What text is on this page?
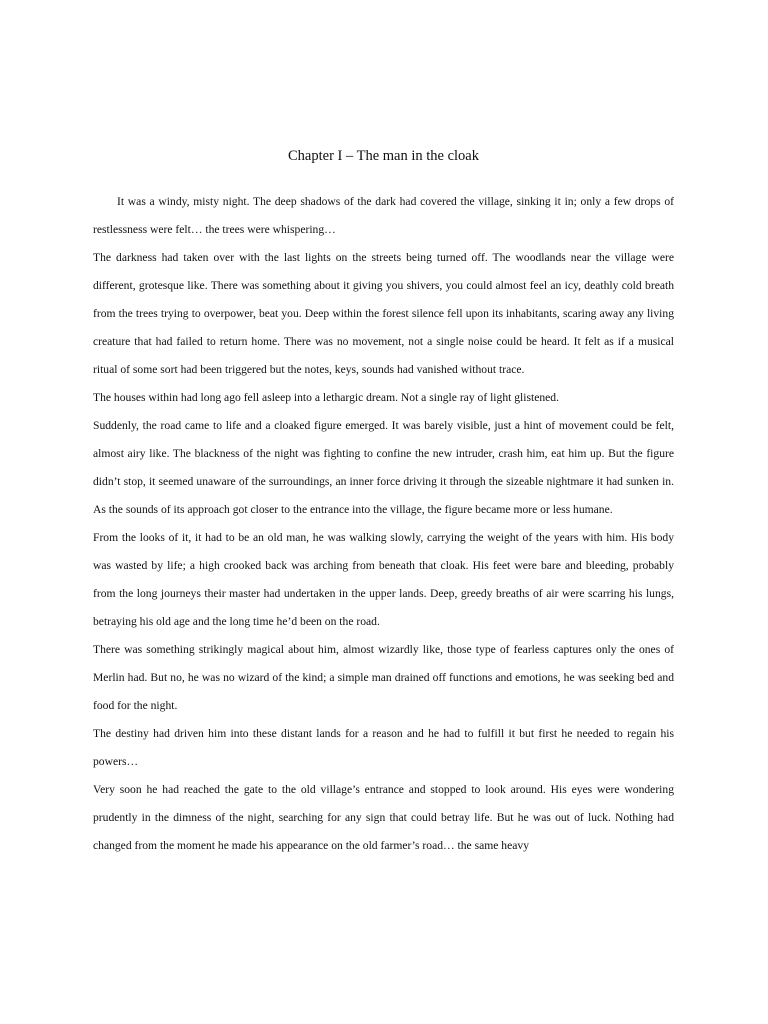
Chapter I – The man in the cloak

It was a windy, misty night. The deep shadows of the dark had covered the village, sinking it in; only a few drops of restlessness were felt… the trees were whispering…

The darkness had taken over with the last lights on the streets being turned off. The woodlands near the village were different, grotesque like. There was something about it giving you shivers, you could almost feel an icy, deathly cold breath from the trees trying to overpower, beat you. Deep within the forest silence fell upon its inhabitants, scaring away any living creature that had failed to return home. There was no movement, not a single noise could be heard. It felt as if a musical ritual of some sort had been triggered but the notes, keys, sounds had vanished without trace.

The houses within had long ago fell asleep into a lethargic dream. Not a single ray of light glistened.

Suddenly, the road came to life and a cloaked figure emerged. It was barely visible, just a hint of movement could be felt, almost airy like. The blackness of the night was fighting to confine the new intruder, crash him, eat him up. But the figure didn’t stop, it seemed unaware of the surroundings, an inner force driving it through the sizeable nightmare it had sunken in. As the sounds of its approach got closer to the entrance into the village, the figure became more or less humane.

From the looks of it, it had to be an old man, he was walking slowly, carrying the weight of the years with him. His body was wasted by life; a high crooked back was arching from beneath that cloak. His feet were bare and bleeding, probably from the long journeys their master had undertaken in the upper lands. Deep, greedy breaths of air were scarring his lungs, betraying his old age and the long time he’d been on the road.

There was something strikingly magical about him, almost wizardly like, those type of fearless captures only the ones of Merlin had. But no, he was no wizard of the kind; a simple man drained off functions and emotions, he was seeking bed and food for the night.

The destiny had driven him into these distant lands for a reason and he had to fulfill it but first he needed to regain his powers…

Very soon he had reached the gate to the old village’s entrance and stopped to look around. His eyes were wondering prudently in the dimness of the night, searching for any sign that could betray life. But he was out of luck. Nothing had changed from the moment he made his appearance on the old farmer’s road… the same heavy
